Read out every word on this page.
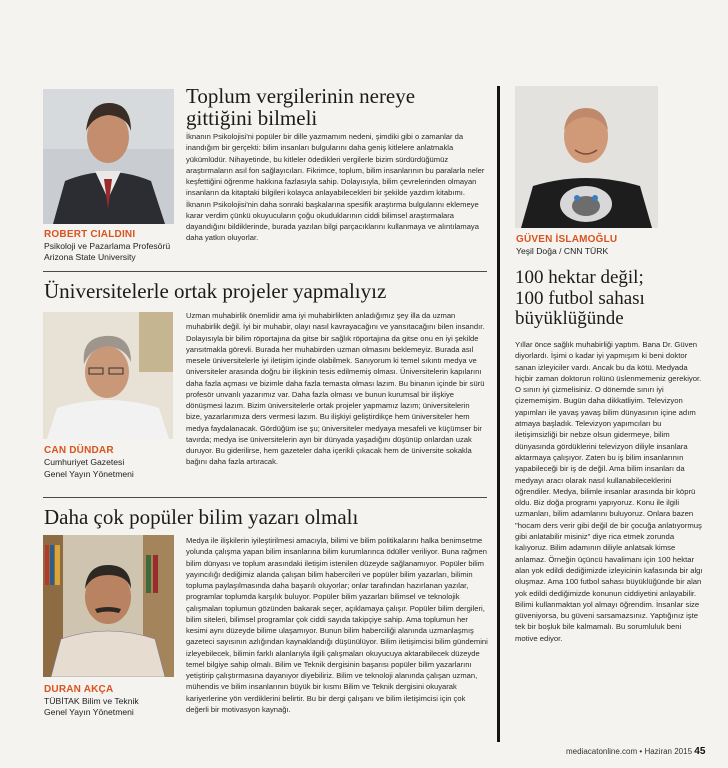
ROBERT CIALDINI

Psikoloji ve Pazarlama Profesörü

Arizona State University

Toplum vergilerinin nereye
gittiğini bilmeli

İknanın Psikolojisi'ni popüler bir dille yazmamım nedeni, şimdiki gibi o zamanlar da inandığım bir gerçekti: bilim insanları bulgularını daha geniş kitlelere anlatmakla yükümlüdür. Nihayetinde, bu kitleler ödedikleri vergilerle bizim sürdürdüğümüz araştırmaların asıl fon sağlayıcıları. Fikrimce, toplum, bilim insanlarının bu paralarla neler keşfettiğini öğrenme hakkına fazlasıyla sahip. Dolayısıyla, bilim çevrelerinden olmayan insanların da kitaptaki bilgileri kolayca anlayabilecekleri bir şekilde yazdım kitabımı. İknanın Psikolojisi'nin daha sonraki başkalarına spesifik araştırma bulgularını eklemeye karar verdim çünkü okuyucuların çoğu okuduklarının ciddi bilimsel araştırmalara dayandığını bildiklerinde, burada yazılan bilgi parçacıklarını kullanmaya ve alıntılamaya daha yatkın oluyorlar.

Üniversitelerle ortak projeler yapmalıyız

CAN DÜNDAR

Cumhuriyet Gazetesi

Genel Yayın Yönetmeni

Uzman muhabirlik önemlidir ama iyi muhabirlikten anladığımız şey illa da uzman muhabirlik değil. İyi bir muhabir, olayı nasıl kavrayacağını ve yansıtacağını bilen insandır. Dolayısıyla bir bilim röportajına da gitse bir sağlık röportajına da gitse onu en iyi şekilde yansıtmakla görevli. Burada her muhabirden uzman olmasını beklemeyiz. Burada asıl mesele üniversitelerle iyi iletişim içinde olabilmek. Sanıyorum ki temel sıkıntı medya ve üniversiteler arasında doğru bir ilişkinin tesis edilmemiş olması. Üniversitelerin kapılarını daha fazla açması ve bizimle daha fazla temasta olması lazım. Bu binanın içinde bir sürü profesör unvanlı yazarımız var. Daha fazla olması ve bunun kurumsal bir ilişkiye dönüşmesi lazım. Bizim üniversitelerle ortak projeler yapmamız lazım; üniversitelerin bize, yazarlarımıza ders vermesi lazım. Bu ilişkiyi geliştirdikçe hem üniversiteler hem medya faydalanacak. Gördüğüm ise şu; üniversiteler medyaya mesafeli ve küçümser bir tavırda; medya ise üniversitelerin ayrı bir dünyada yaşadığını düşünüp onlardan uzak duruyor. Bu giderilirse, hem gazeteler daha içerikli çıkacak hem de üniversite sokakla bağını daha fazla artıracak.

Daha çok popüler bilim yazarı olmalı

DURAN AKÇA

TÜBİTAK Bilim ve Teknik

Genel Yayın Yönetmeni

Medya ile ilişkilerin iyileştirilmesi amacıyla, bilimi ve bilim politikalarını halka benimsetme yolunda çalışma yapan bilim insanlarına bilim kurumlarınca ödüller veriliyor. Buna rağmen bilim dünyası ve toplum arasındaki iletişim istenilen düzeyde sağlanamıyor. Popüler bilim yayıncılığı dediğimiz alanda çalışan bilim habercileri ve popüler bilim yazarları, bilimin topluma paylaşılmasında daha başarılı oluyorlar; onlar tarafından hazırlanan yazılar, programlar toplumda karşılık buluyor. Popüler bilim yazarları bilimsel ve teknolojik çalışmaları toplumun gözünden bakarak seçer, açıklamaya çalışır. Popüler bilim dergileri, bilim siteleri, bilimsel programlar çok ciddi sayıda takipçiye sahip. Ama toplumun her kesimi aynı düzeyde bilime ulaşamıyor. Bunun bilim haberciliği alanında uzmanlaşmış gazeteci sayısının azlığından kaynaklandığı düşünülüyor. Bilim iletişimcisi bilim gündemini izleyebilecek, bilimin farklı alanlarıyla ilgili çalışmaları okuyucuya aktarabilecek düzeyde temel bilgiye sahip olmalı. Bilim ve Teknik dergisinin başarısı popüler bilim yazarlarını yetiştirip çalıştırmasına dayanıyor diyebiliriz. Bilim ve teknoloji alanında çalışan uzman, mühendis ve bilim insanlarının büyük bir kısmı Bilim ve Teknik dergisini okuyarak kariyerlerine yön verdiklerini belirtir. Bu bir dergi çalışanı ve bilim iletişimcisi için çok değerli bir motivasyon kaynağı.

GÜVEN İSLAMOĞLU

Yeşil Doğa / CNN TÜRK

100 hektar değil;
100 futbol sahası
büyüklüğünde

Yıllar önce sağlık muhabirliği yaptım. Bana Dr. Güven diyorlardı. İşimi o kadar iyi yapmışım ki beni doktor sanan izleyiciler vardı. Ancak bu da kötü. Medyada hiçbir zaman doktorun rolünü üslenmemeniz gerekiyor. O sınırı iyi çizmelisiniz. O dönemde sınırı iyi çizememişim. Bugün daha dikkatliyim. Televizyon yapımları ile yavaş yavaş bilim dünyasının içine adım atmaya başladık. Televizyon yapımcıları bu iletişimsizliği bir nebze olsun gidermeye, bilim dünyasında gördüklerini televizyon diliyle insanlara aktarmaya çalışıyor. Zaten bu iş bilim insanlarının yapabileceği bir iş de değil. Ama bilim insanları da medyayı aracı olarak nasıl kullanabileceklerini öğrendiler. Medya, bilimle insanlar arasında bir köprü oldu. Biz doğa programı yapıyoruz. Konu ile ilgili uzmanları, bilim adamlarını buluyoruz. Onlara bazen "hocam ders verir gibi değil de bir çocuğa anlatıyormuş gibi anlatabilir misiniz" diye rica etmek zorunda kalıyoruz. Bilim adamının diliyle anlatsak kimse anlamaz. Örneğin üçüncü havalimanı için 100 hektar alan yok edildi dediğimizde izleyicinin kafasında bir algı oluşmaz. Ama 100 futbol sahası büyüklüğünde bir alan yok edildi dediğimizde konunun ciddiyetini anlayabilir. Bilimi kullanmaktan yol almayı öğrendim. İnsanlar size güveniyorsa, bu güveni sarsamazsınız. Yaptığınız işte tek bir boşluk bile kalmamalı. Bu sorumluluk beni motive ediyor.

mediacatonline.com • Haziran 2015 45
